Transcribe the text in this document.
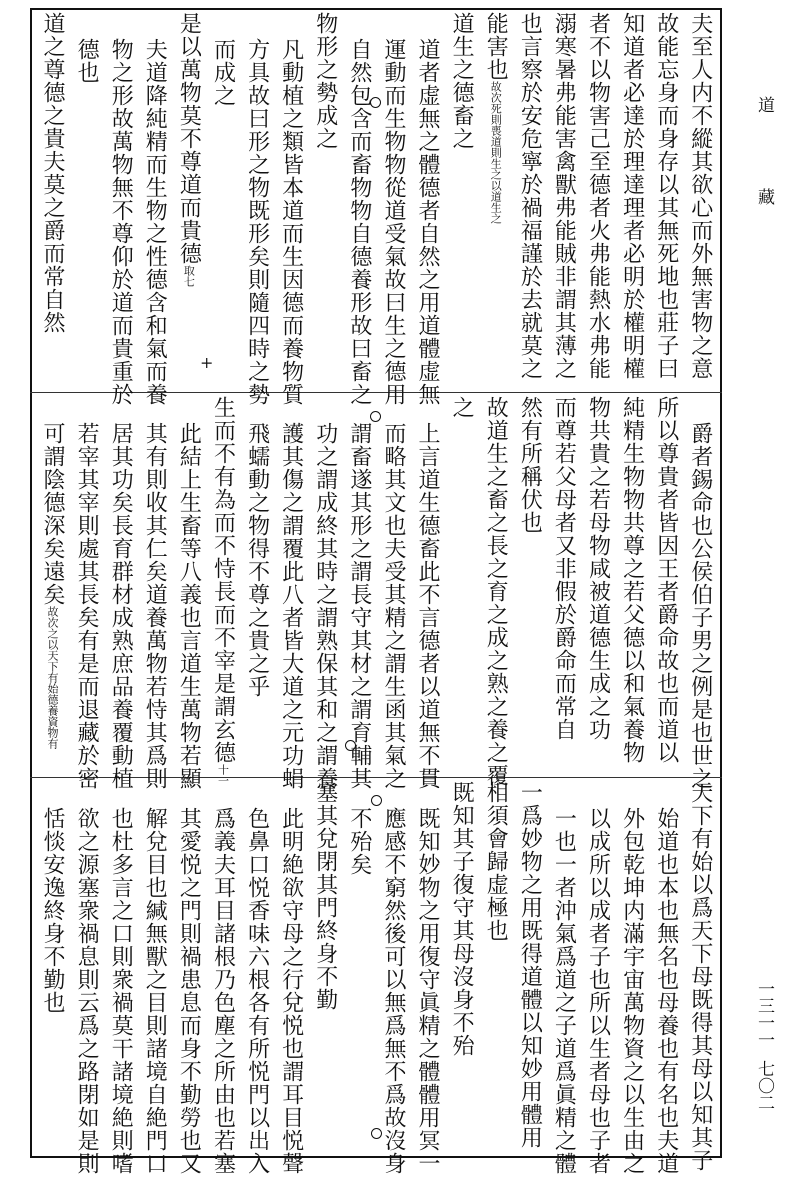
道
藏
一三一一
七〇二
+	夫至人内不縱其欲心而外無害物之意
故能忘身而身存以其無死地也莊子曰
知道者必達於理達理者必明於權明權
者不以物害己至德者火弗能熱水弗能
溺寒暑弗能害禽獸弗能賊非謂其薄之
也言察於安危寧於禍福謹於去就莫之
能害也故次死則喪道則生之以道生之
道生之德畜之
道者虚無之體德者自然之用道體虚無
運動而生物物從道受氣故曰生之德用
自然包含而畜物物自德養形故曰畜之
物形之勢成之
凡動植之類皆本道而生因德而養物質
方具故曰形之物既形矣則隨四時之勢
而成之
是以萬物莫不尊道而貴德取七
夫道降純精而生物之性德含和氣而養
物之形故萬物無不尊仰於道而貴重於
德也
道之尊德之貴夫莫之爵而常自然
爵者錫命也公侯伯子男之例是也世之
所以尊貴者皆因王者爵命故也而道以
純精生物物共尊之若父德以和氣養物
物共貴之若母物咸被道德生成之功
而尊若父母者又非假於爵命而常自
然有所稱伏也
故道生之畜之長之育之成之熟之養之覆
之
上言道生德畜此不言德者以道無不貫
而略其文也夫受其精之謂生函其氣之
謂畜遂其形之謂長守其材之謂育輔其
功之謂成終其時之謂熟保其和之謂養
護其傷之謂覆此八者皆大道之元功蜎
飛蠕動之物得不尊之貴之乎
生而不有為而不恃長而不宰是謂玄德十一
此結上生畜等八義也言道生萬物若顯
其有則收其仁矣道養萬物若恃其爲則
居其功矣長育群材成熟庶品養覆動植
若宰其宰則處其長矣有是而退藏於密
可謂陰德深矣遠矣故次之以天下有始德養資物有
天下有始以爲天下母既得其母以知其子
始道也本也無名也母養也有名也夫道
外包乾坤内滿宇宙萬物資之以生由之
以成所以成者子也所以生者母也子者
一也一者沖氣爲道之子道爲眞精之體
一爲妙物之用既得道體以知妙用體用
相須會歸虚極也
既知其子復守其母沒身不殆
既知妙物之用復守眞精之體體用冥一
應感不窮然後可以無爲無不爲故沒身
不殆矣
塞其兌閉其門終身不勤
此明絶欲守母之行兌悦也謂耳目悦聲
色鼻口悦香味六根各有所悦門以出入
爲義夫耳目諸根乃色塵之所由也若塞
其愛悦之門則禍患息而身不勤勞也又
解兌目也緘無獸之目則諸境自絶門口
也杜多言之口則衆禍莫干諸境絶則嗜
欲之源塞衆禍息則云爲之路閉如是則
恬惔安逸終身不勤也
